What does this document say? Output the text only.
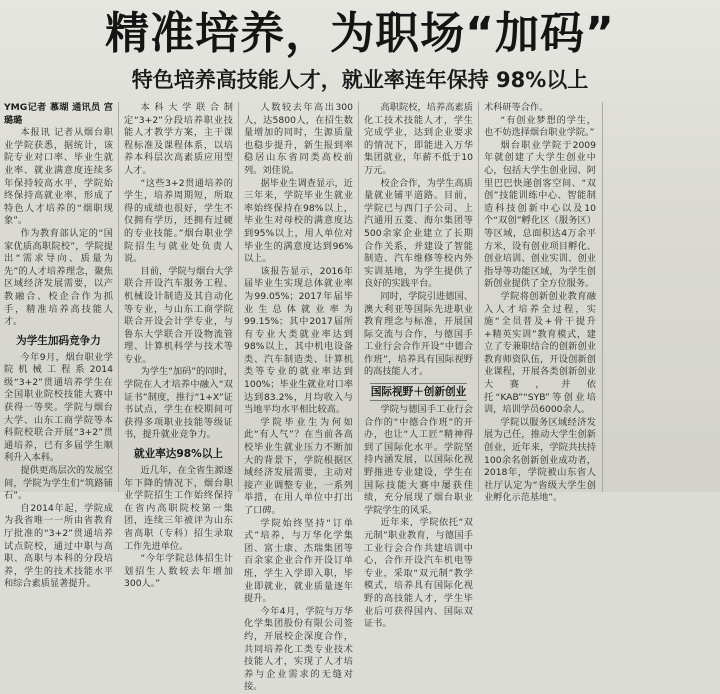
精准培养，为职场“加码”
特色培养高技能人才，就业率连年保持 98%以上

YMG记者 慕瑚 通讯员 宫璐璐

本报讯 记者从烟台职业学院获悉，据统计，该院专业对口率、毕业生就业率、就业满意度连续多年保持较高水平，学院始终保持高就业率，形成了特色人才培养的“烟职现象”。

作为教育部认定的“国家优质高职院校”，学院提出“需求导向、质量为先”的人才培养理念，聚焦区域经济发展需要，以产教融合、校企合作为抓手，精准培养高技能人才。

为学生加码竞争力

今年9月，烟台职业学院机械工程系2014级“3+2”贯通培养学生在全国职业院校技能大赛中获得一等奖。学院与烟台大学、山东工商学院等本科院校联合开展“3+2”贯通培养，已有多届学生顺利升入本科。

提供更高层次的发展空间，学院为学生们“筑路铺石”。

自2014年起，学院成为我省唯一一所由省教育厅批准的“3+2”贯通培养试点院校，通过中职与高职、高职与本科的分段培养，学生的技术技能水平和综合素质显著提升。

本科大学联合制定“3+2”分段培养职业技能人才教学方案，主干课程标准及课程体系，以培养本科层次高素质应用型人才。

“这些3+2贯通培养的学生，培养周期短，所取得的成绩也很好，学生不仅拥有学历，还拥有过硬的专业技能。”烟台职业学院招生与就业处负责人说。

目前，学院与烟台大学联合开设汽车服务工程、机械设计制造及其自动化等专业，与山东工商学院联合开设会计学专业，与鲁东大学联合开设物流管理、计算机科学与技术等专业。

为学生“加码”的同时，学院在人才培养中融入“双证书”制度，推行“1+X”证书试点，学生在校期间可获得多项职业技能等级证书，提升就业竞争力。

就业率达98%以上

近几年，在全省生源逐年下降的情况下，烟台职业学院招生工作始终保持在省内高职院校第一集团，连续三年被评为山东省高职（专科）招生录取工作先进单位。

“今年学院总体招生计划招生人数较去年增加300人。”

人数较去年高出300人，达5800人，在招生数量增加的同时，生源质量也稳步提升，新生报到率稳居山东省同类高校前列。刘佳说。

据毕业生调查显示，近三年来，学院毕业生就业率始终保持在98%以上，毕业生对母校的满意度达到95%以上，用人单位对毕业生的满意度达到96%以上。

该报告显示，2016年届毕业生实现总体就业率为99.05%；2017年届毕业生总体就业率为99.15%；其中2017届所有专业大类就业率达到98%以上，其中机电设备类、汽车制造类、计算机类等专业的就业率达到100%；毕业生就业对口率达到83.2%，月均收入与当地平均水平相比较高。

学院毕业生为何如此“有人气”？在当前各高校毕业生就业压力不断加大的背景下，学院根据区域经济发展需要，主动对接产业调整专业，一系列举措，在用人单位中打出了口碑。

学院始终坚持“订单式”培养，与万华化学集团、富士康、杰瑞集团等百余家企业合作开设订单班，学生入学即入职，毕业即就业，就业质量逐年提升。

今年4月，学院与万华化学集团股份有限公司签约，开展校企深度合作，共同培养化工类专业技术技能人才，实现了人才培养与企业需求的无缝对接。

高职院校，培养高素质化工技术技能人才，学生完成学业，达到企业要求的情况下，即能进入万华集团就业，年薪不低于10万元。

校企合作，为学生高质量就业铺平道路。目前，学院已与西门子公司、上汽通用五菱、海尔集团等500余家企业建立了长期合作关系，并建设了智能制造、汽车维修等校内外实训基地，为学生提供了良好的实践平台。

同时，学院引进德国、澳大利亚等国际先进职业教育理念与标准，开展国际交流与合作，与德国手工业行会合作开设“中德合作班”，培养具有国际视野的高技能人才。

国际视野＋创新创业

学院与德国手工业行会合作的“中德合作班”的开办，也让“人工匠”精神得到了国际化水平。学院坚持内涵发展，以国际化视野推进专业建设，学生在国际技能大赛中屡获佳绩，充分展现了烟台职业学院学生的风采。

近年来，学院依托“双元制”职业教育，与德国手工业行会合作共建培训中心，合作开设汽车机电等专业，采取“双元制”教学模式，培养具有国际化视野的高技能人才，学生毕业后可获得国内、国际双证书。

术科研等合作。

“有创业梦想的学生，也不妨选择烟台职业学院。”

烟台职业学院于2009年就创建了大学生创业中心，包括大学生创业园、阿里巴巴快递创客空间、“双创”技能训练中心、智能制造科技创新中心以及10个“双创”孵化区（服务区）等区域，总面积达4万余平方米，设有创业项目孵化、创业培训、创业实训、创业指导等功能区域，为学生创新创业提供了全方位服务。

学院将创新创业教育融入人才培养全过程，实施“全员普及+骨干提升+精英实训”教育模式，建立了专兼职结合的创新创业教育师资队伍，开设创新创业课程，开展各类创新创业大赛，并依托“KAB”“SYB”等创业培训，培训学员6000余人。

学院以服务区域经济发展为己任，推动大学生创新创业，近年来，学院共扶持100余名创新创业成功者，2018年，学院被山东省人社厅认定为“省级大学生创业孵化示范基地”。
